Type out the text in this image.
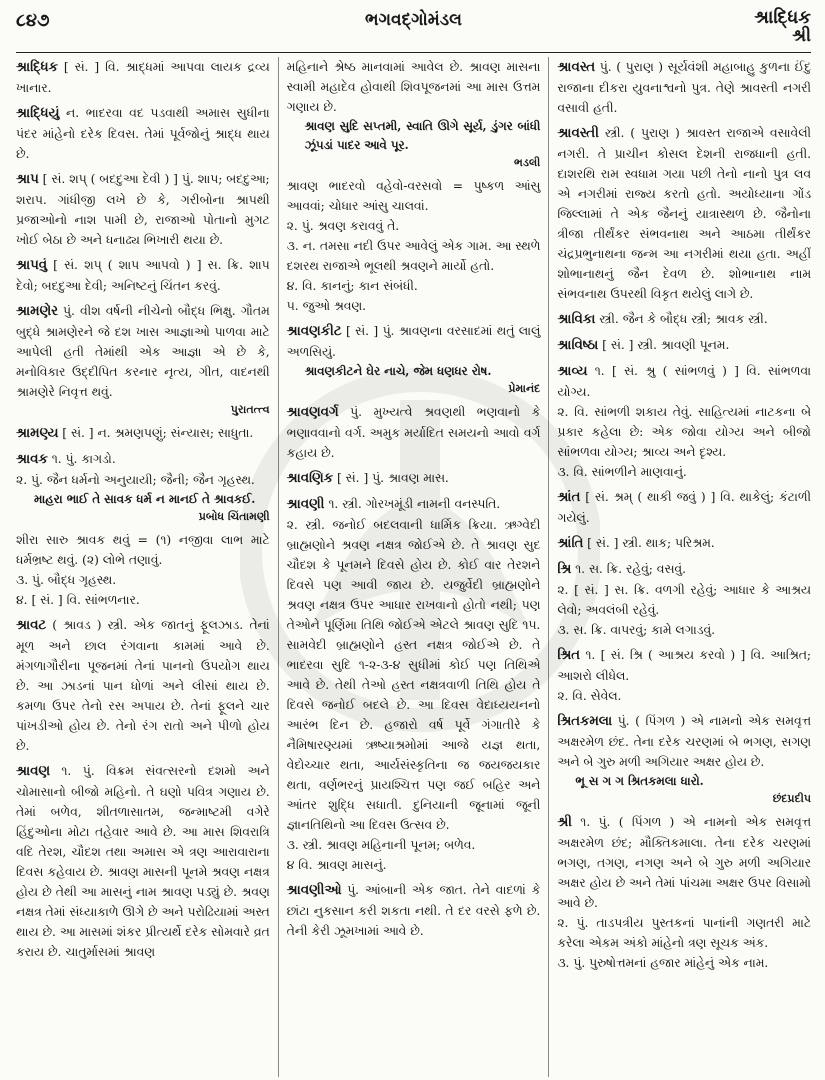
૮૪૭	ભગવદ્ગોમંડલ	શ્રાદ્ધિક
શ્રી

શ્રાદ્ધિક [ સં. ] વિ. શ્રાદ્ધમાં આપવા લાયક દ્રવ્ય ખાનાર.

શ્રાદ્ધિયું ન. ભાદરવા વદ પડવાથી અમાસ સુધીના પંદર માંહેનો દરેક દિવસ. તેમાં પૂર્વજોનું શ્રાદ્ધ થાય છે.

શ્રાપ [ સં. શપ્ ( બદદુઆ દેવી ) ] પું. શાપ; બદદુઆ; શરાપ. ગાંધીજી લખે છે કે, ગરીબોના શ્રાપથી પ્રજાઓનો નાશ પામી છે, રાજાઓ પોતાનો મુગટ ખોઈ બેઠા છે અને ધનાઢ્ય ભિખારી થયા છે.

શ્રાપવું [ સં. શપ્ ( શાપ આપવો ) ] સ. ક્રિ. શાપ દેવો; બદદુઆ દેવી; અનિષ્ટનું ચિંતન કરવું.

શ્રામણેર પું. વીશ વર્ષની નીચેનો બૌદ્ધ ભિક્ષુ. ગૌતમ બુદ્ધે શ્રામણેરને જે દશ ખાસ આજ્ઞાઓ પાળવા માટે આપેલી હતી તેમાંથી એક આજ્ઞા એ છે કે, મનોવિકાર ઉદ્દીપિત કરનાર નૃત્ય, ગીત, વાદનથી શ્રામણેરે નિવૃત્ત થવું.

પુરાતત્ત્વ

શ્રામણ્ય [ સં. ] ન. શ્રમણપણું; સંન્યાસ; સાધુતા.

શ્રાવક ૧. પું. કાગડો.

૨. પું. જૈન ધર્મનો અનુયાયી; જૈની; જૈન ગૃહસ્થ.

માહરા ભાઈ તે સાવક ધર્મ ન માનઈ તે શ્રાવકઈ.

પ્રબોધ ચિંતામણી

શીરા સારુ શ્રાવક થવું = (૧) નજીવા લાભ માટે ધર્મભ્રષ્ટ થવું. (૨) લોભે તણાવું.

૩. પું. બૌદ્ધ ગૃહસ્થ.

૪. [ સં. ] વિ. સાંભળનાર.

શ્રાવટ ( શ્રાવડ ) સ્ત્રી. એક જાતનું ફૂલઝાડ. તેનાં મૂળ અને છાલ રંગવાના કામમાં આવે છે. મંગળાગૌરીના પૂજનમાં તેનાં પાનનો ઉપયોગ થાય છે. આ ઝાડનાં પાન ધોળાં અને લીસાં થાય છે. કમળા ઉપર તેનો રસ અપાય છે. તેનાં ફૂલને ચાર પાંખડીઓ હોય છે. તેનો રંગ રાતો અને પીળો હોય છે.

શ્રાવણ ૧. પું. વિક્રમ સંવત્સરનો દશમો અને ચોમાસાનો બીજો મહિનો. તે ઘણો પવિત્ર ગણાય છે. તેમાં બળેવ, શીતળાસાતમ, જન્માષ્ટમી વગેરે હિંદુઓના મોટા તહેવાર આવે છે. આ માસ શિવરાત્રિ વદિ તેરશ, ચૌદશ તથા અમાસ એ ત્રણ આરાવારાના દિવસ કહેવાય છે. શ્રાવણ માસની પૂનમે શ્રવણ નક્ષત્ર હોય છે તેથી આ માસનું નામ શ્રાવણ પડ્યું છે. શ્રવણ નક્ષત્ર તેમાં સંધ્યાકાળે ઊગે છે અને પરોઢિયામાં અસ્ત થાય છે. આ માસમાં શંકર પ્રીત્યર્થે દરેક સોમવારે વ્રત કરાય છે. ચાતુર્માસમાં શ્રાવણ

મહિનાને શ્રેષ્ઠ માનવામાં આવેલ છે. શ્રાવણ માસના સ્વામી મહાદેવ હોવાથી શિવપૂજનમાં આ માસ ઉત્તમ ગણાય છે.

શ્રાવણ સુદિ સપ્તમી, સ્વાતિ ઊગે સૂર્ય, ડુંગર બાંધી ઝૂંપડાં પાદર આવે પૂર.

ભડલી

શ્રાવણ ભાદરવો વહેવો-વરસવો = પુષ્કળ આંસુ આવવાં; ચોધાર આંસુ ચાલવાં.

૨. પું. શ્રવણ કરાવવું તે.

૩. ન. તમસા નદી ઉપર આવેલું એક ગામ. આ સ્થળે દશરથ રાજાએ ભૂલથી શ્રવણને માર્યો હતો.

૪. વિ. કાનનું; કાન સંબંધી.

૫. જુઓ શ્રવણ.

શ્રાવણકીટ [ સં. ] પું. શ્રાવણના વરસાદમાં થતું લાલું અળસિયું.

શ્રાવણકીટને ઘેર નાચે, જેમ ધણધર રોષ.

પ્રેમાનંદ

શ્રાવણવર્ગ પું. મુખ્યત્વે શ્રવણથી ભણવાનો કે ભણાવવાનો વર્ગ. અમુક મર્યાદિત સમયનો આવો વર્ગ કહાય છે.

શ્રાવણિક [ સં. ] પું. શ્રાવણ માસ.

શ્રાવણી ૧. સ્ત્રી. ગોરખમૂંડી નામની વનસ્પતિ.

૨. સ્ત્રી. જનોઈ બદલવાની ધાર્મિક ક્રિયા. ઋગ્વેદી બ્રાહ્મણોને શ્રવણ નક્ષત્ર જોઈએ છે. તે શ્રાવણ સુદ ચૌદશ કે પૂનમને દિવસે હોય છે. કોઈ વાર તેરશને દિવસે પણ આવી જાય છે. યજુર્વેદી બ્રાહ્મણોને શ્રવણ નક્ષત્ર ઉપર આધાર રાખવાનો હોતો નથી; પણ તેઓને પૂર્ણિમા તિથિ જોઈએ એટલે શ્રાવણ સુદિ ૧૫. સામવેદી બ્રાહ્મણોને હસ્ત નક્ષત્ર જોઈએ છે. તે ભાદરવા સુદિ ૧-૨-૩-૪ સુધીમાં કોઈ પણ તિથિએ આવે છે. તેથી તેઓ હસ્ત નક્ષત્રવાળી તિથિ હોય તે દિવસે જનોઈ બદલે છે. આ દિવસ વેદાધ્યયનનો આરંભ દિન છે. હજારો વર્ષ પૂર્વે ગંગાતીરે કે નૈમિષારણ્યમાં ઋષ્યાશ્રમોમાં આજે યજ્ઞ થતા, વેદોચ્ચાર થતા, આર્યસંસ્કૃતિના જ જયજયકાર થતા, વર્ણભરનું પ્રાયશ્ચિત્ત પણ જઈ બહિર અને આંતર શુદ્ધિ સધાતી. દુનિયાની જૂનામાં જૂની જ્ઞાનતિથિનો આ દિવસ ઉત્સવ છે.

૩. સ્ત્રી. શ્રાવણ મહિનાની પૂનમ; બળેવ.

૪ વિ. શ્રાવણ માસનું.

શ્રાવણીઓ પું. આંબાની એક જાત. તેને વાદળાં કે છાંટા નુકસાન કરી શકતા નથી. તે દર વરસે ફળે છે. તેની કેરી ઝૂમખામાં આવે છે.

શ્રાવસ્ત પું. ( પુરાણ ) સૂર્યવંશી મહાબાહુ કુળના ઈંદુ રાજાના દીકરા યુવનાશ્વનો પુત્ર. તેણે શ્રાવસ્તી નગરી વસાવી હતી.

શ્રાવસ્તી સ્ત્રી. ( પુરાણ ) શ્રાવસ્ત રાજાએ વસાવેલી નગરી. તે પ્રાચીન કોસલ દેશની રાજધાની હતી. દાશરથિ રામ સ્વધામ ગયા પછી તેનો નાનો પુત્ર લવ એ નગરીમાં રાજ્ય કરતો હતો. અયોધ્યાના ગોંડ જિલ્લામાં તે એક જૈનનું યાત્રાસ્થળ છે. જૈનોના ત્રીજા તીર્થંકર સંભવનાથ અને આઠમા તીર્થંકર ચંદ્રપ્રભુનાથના જન્મ આ નગરીમાં થયા હતા. અહીં શોભાનાથનું જૈન દેવળ છે. શોભાનાથ નામ સંભવનાથ ઉપરથી વિકૃત થયેલું લાગે છે.

શ્રાવિકા સ્ત્રી. જૈન કે બૌદ્ધ સ્ત્રી; શ્રાવક સ્ત્રી.

શ્રાવિષ્ઠા [ સં. ] સ્ત્રી. શ્રાવણી પૂનમ.

શ્રાવ્ય ૧. [ સં. શ્રુ ( સાંભળવું ) ] વિ. સાંભળવા યોગ્ય.

૨. વિ. સાંભળી શકાય તેવું. સાહિત્યમાં નાટકના બે પ્રકાર કહેલા છે: એક જોવા યોગ્ય અને બીજો સાંભળવા યોગ્ય; શ્રાવ્ય અને દૃશ્ય.

૩. વિ. સાંભળીને માણવાનું.

શ્રાંત [ સં. શ્રમ્ ( થાકી જવું ) ] વિ. થાકેલું; કંટાળી ગયેલું.

શ્રાંતિ [ સં. ] સ્ત્રી. થાક; પરિશ્રમ.

શ્રિ ૧. સ. ક્રિ. રહેવું; વસવું.

૨. [ સં. ] સ. ક્રિ. વળગી રહેવું; આધાર કે આશ્રય લેવો; અવલંબી રહેવું.

૩. સ. ક્રિ. વાપરવું; કામે લગાડવું.

શ્રિત ૧. [ સં. શ્રિ ( આશ્રય કરવો ) ] વિ. આશ્રિત; આશરો લીધેલ.

૨. વિ. સેવેલ.

શ્રિતકમલા પું. ( પિંગળ ) એ નામનો એક સમવૃત્ત અક્ષરમેળ છંદ. તેના દરેક ચરણમાં બે ભગણ, સગણ અને બે ગુરુ મળી અગિયાર અક્ષર હોય છે.

ભૂ સ ગ ગ શ્રિતકમલા ધારો.

છંદપ્રદીપ

શ્રી ૧. પું. ( પિંગળ ) એ નામનો એક સમવૃત્ત અક્ષરમેળ છંદ; મૌક્તિકમાલા. તેના દરેક ચરણમાં ભગણ, તગણ, નગણ અને બે ગુરુ મળી અગિયાર અક્ષર હોય છે અને તેમાં પાંચમા અક્ષર ઉપર વિસામો આવે છે.

૨. પું. તાડપત્રીય પુસ્તકનાં પાનાંની ગણતરી માટે કરેલા એકમ અંકો માંહેનો ત્રણ સૂચક અંક.

૩. પું. પુરુષોત્તમનાં હજાર માંહેનું એક નામ.
